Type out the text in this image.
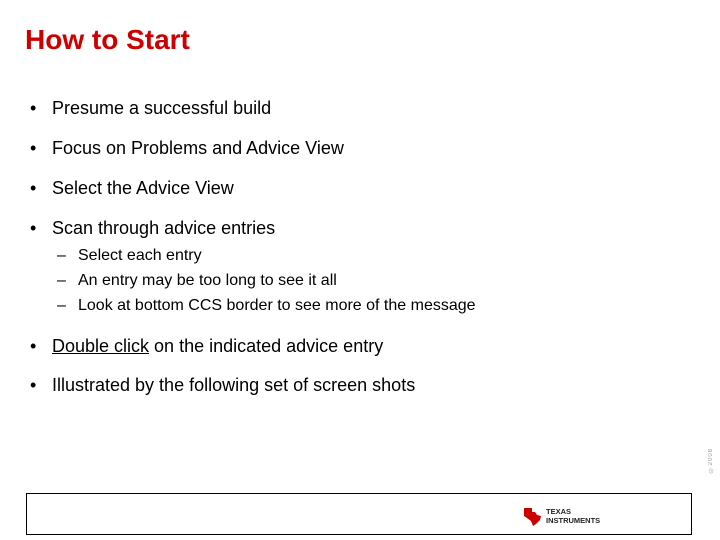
How to Start
• Presume a successful build
• Focus on Problems and Advice View
• Select the Advice View
• Scan through advice entries
– Select each entry
– An entry may be too long to see it all
– Look at bottom CCS border to see more of the message
• Double click on the indicated advice entry
• Illustrated by the following set of screen shots
©2008
TEXAS
INSTRUMENTS
